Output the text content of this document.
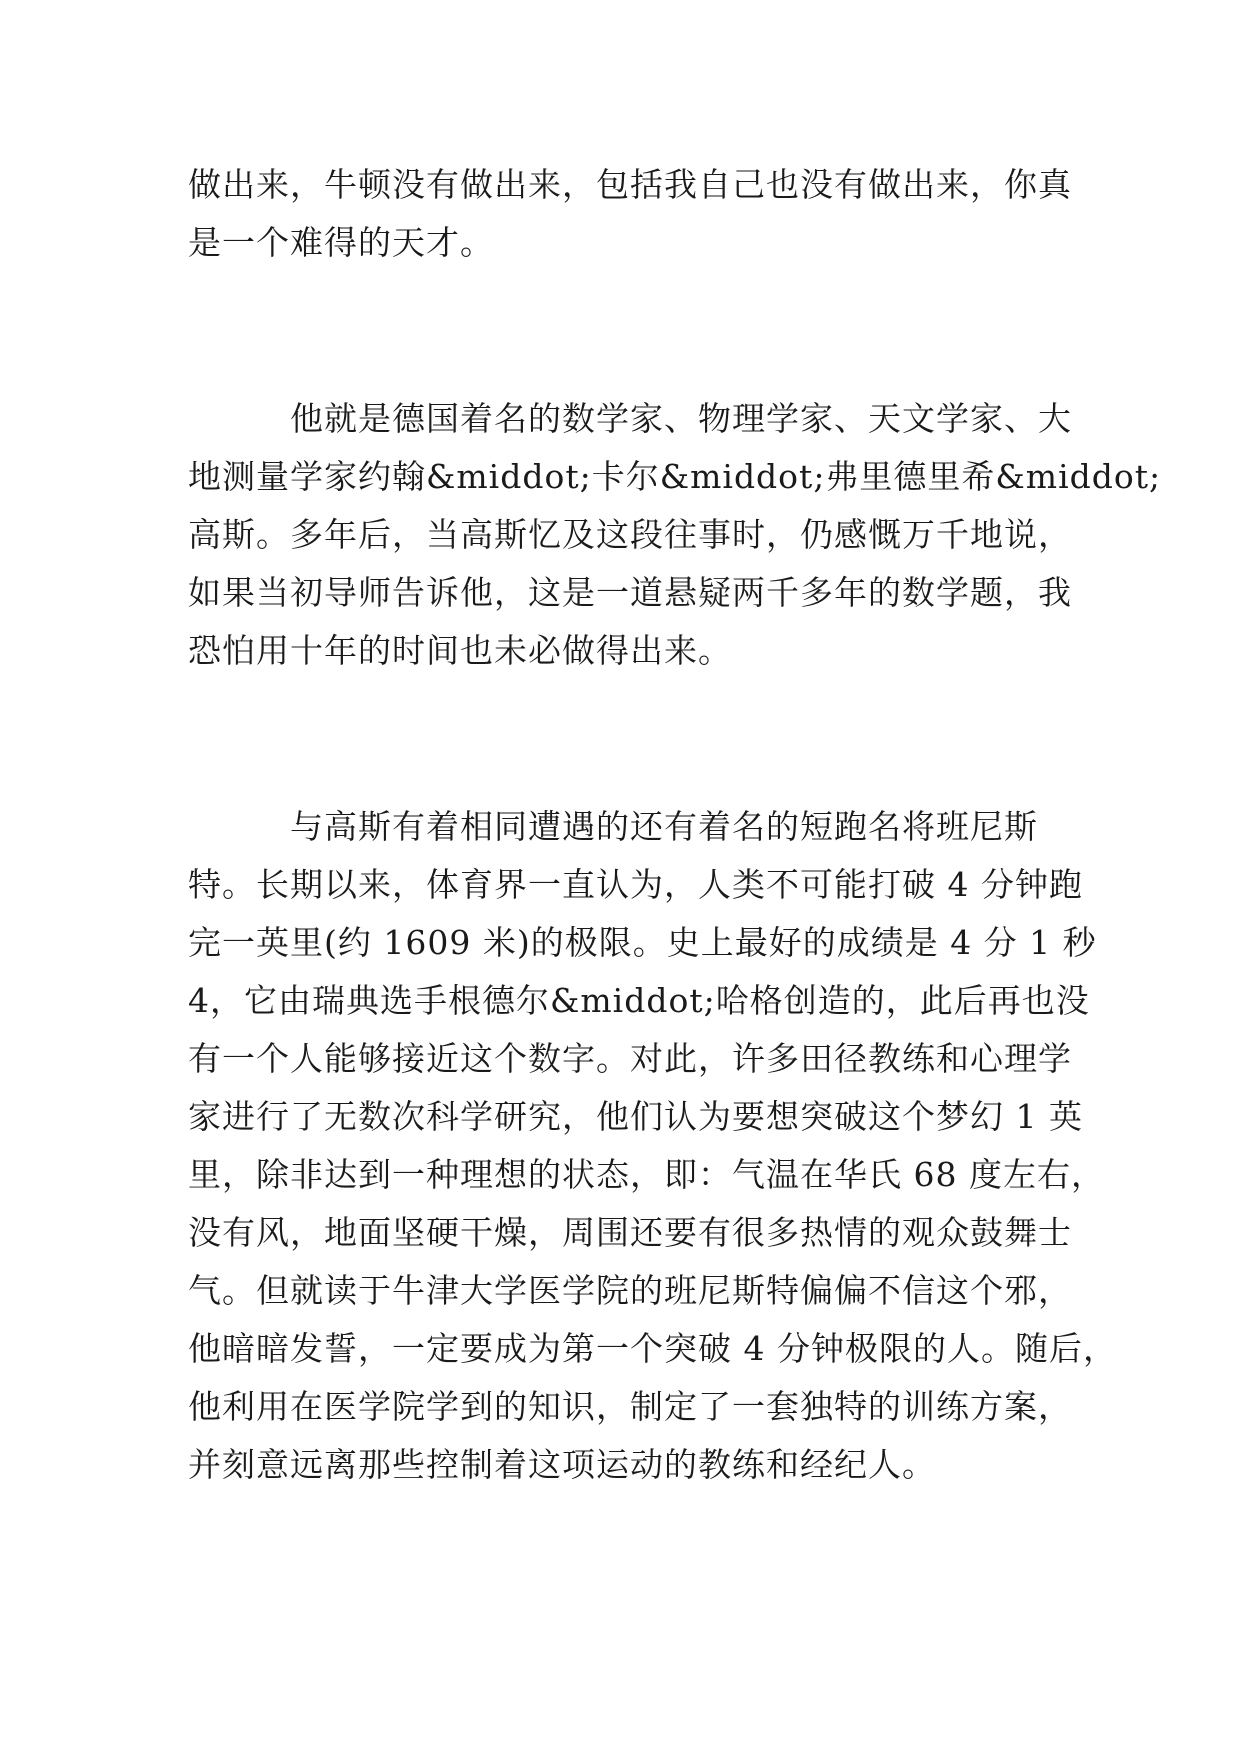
做出来，牛顿没有做出来，包括我自己也没有做出来，你真
是一个难得的天才。
　　　他就是德国着名的数学家、物理学家、天文学家、大
地测量学家约翰&middot;卡尔&middot;弗里德里希&middot;
高斯。多年后，当高斯忆及这段往事时，仍感慨万千地说，
如果当初导师告诉他，这是一道悬疑两千多年的数学题，我
恐怕用十年的时间也未必做得出来。
　　　与高斯有着相同遭遇的还有着名的短跑名将班尼斯
特。长期以来，体育界一直认为，人类不可能打破 4 分钟跑
完一英里(约 1609 米)的极限。史上最好的成绩是 4 分 1 秒
4，它由瑞典选手根德尔&middot;哈格创造的，此后再也没
有一个人能够接近这个数字。对此，许多田径教练和心理学
家进行了无数次科学研究，他们认为要想突破这个梦幻 1 英
里，除非达到一种理想的状态，即：气温在华氏 68 度左右，
没有风，地面坚硬干燥，周围还要有很多热情的观众鼓舞士
气。但就读于牛津大学医学院的班尼斯特偏偏不信这个邪，
他暗暗发誓，一定要成为第一个突破 4 分钟极限的人。随后，
他利用在医学院学到的知识，制定了一套独特的训练方案，
并刻意远离那些控制着这项运动的教练和经纪人。
